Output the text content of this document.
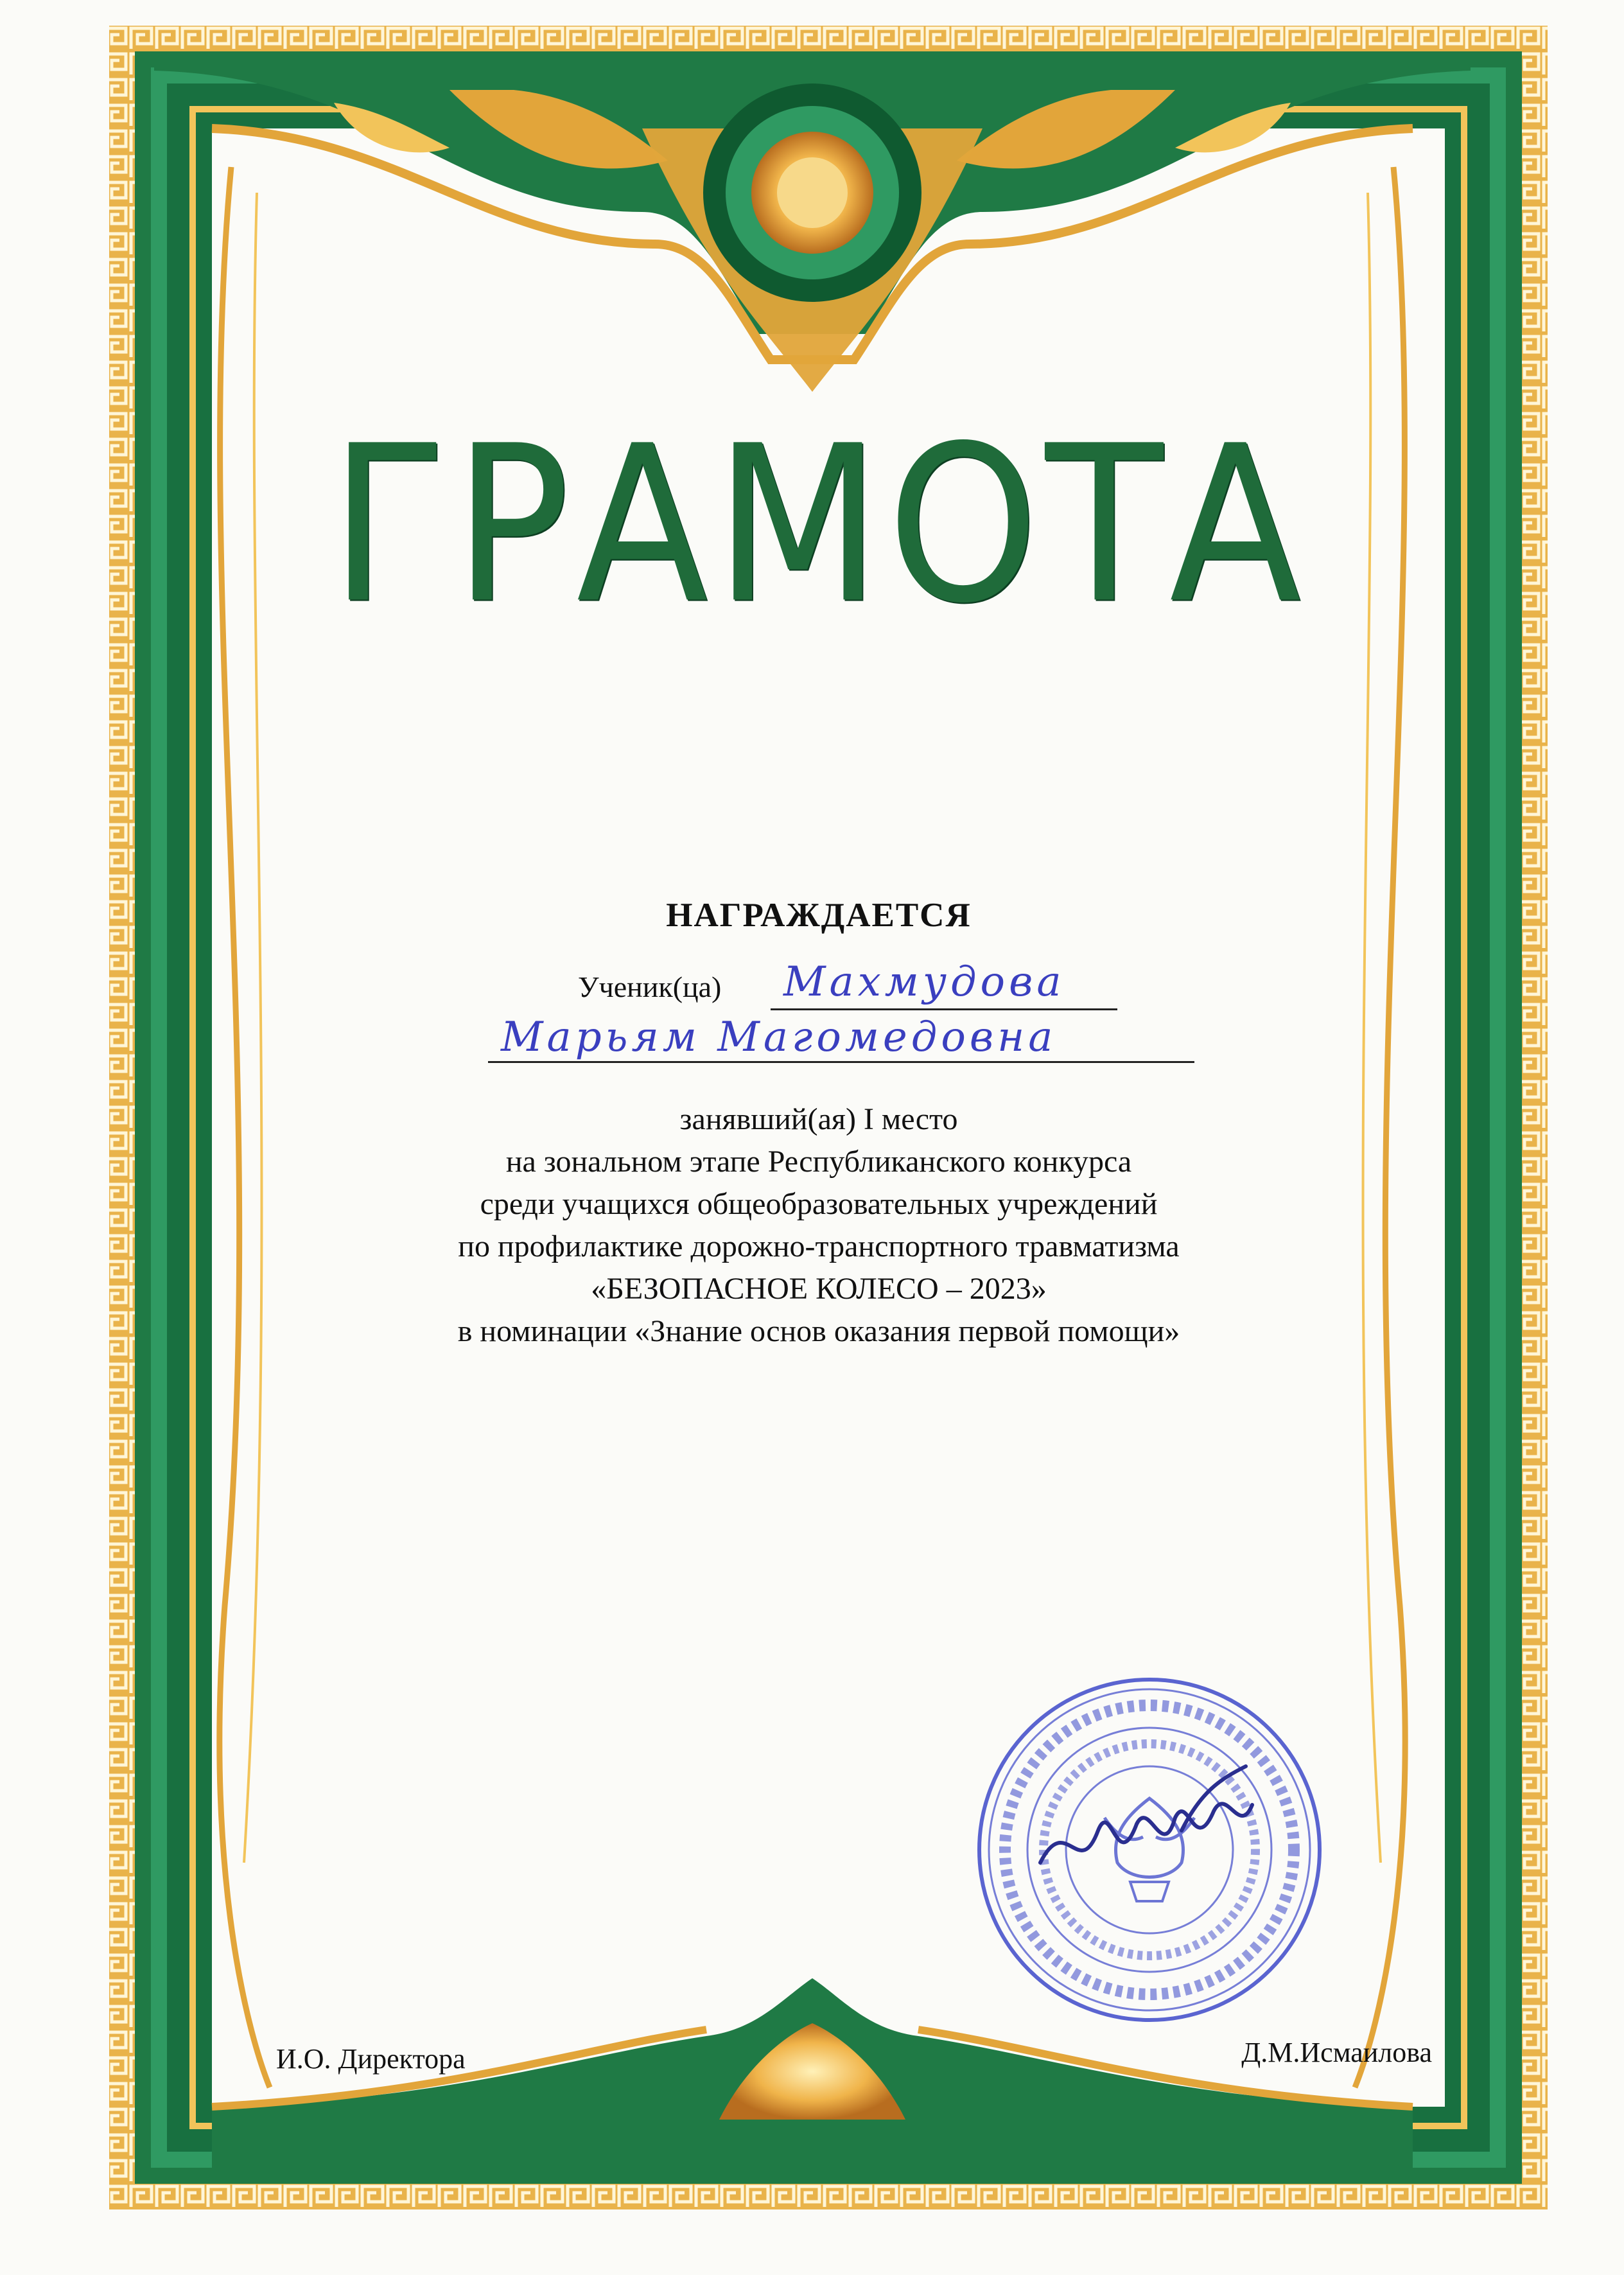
ГРАМОТА
НАГРАЖДАЕТСЯ
Ученик(ца) Махмудова
Марьям Магомедовна
занявший(ая) I место
на зональном этапе Республиканского конкурса
среди учащихся общеобразовательных учреждений
по профилактике дорожно-транспортного травматизма
«БЕЗОПАСНОЕ КОЛЕСО – 2023»
в номинации «Знание основ оказания первой помощи»
И.О. Директора	Д.М.Исмаилова
